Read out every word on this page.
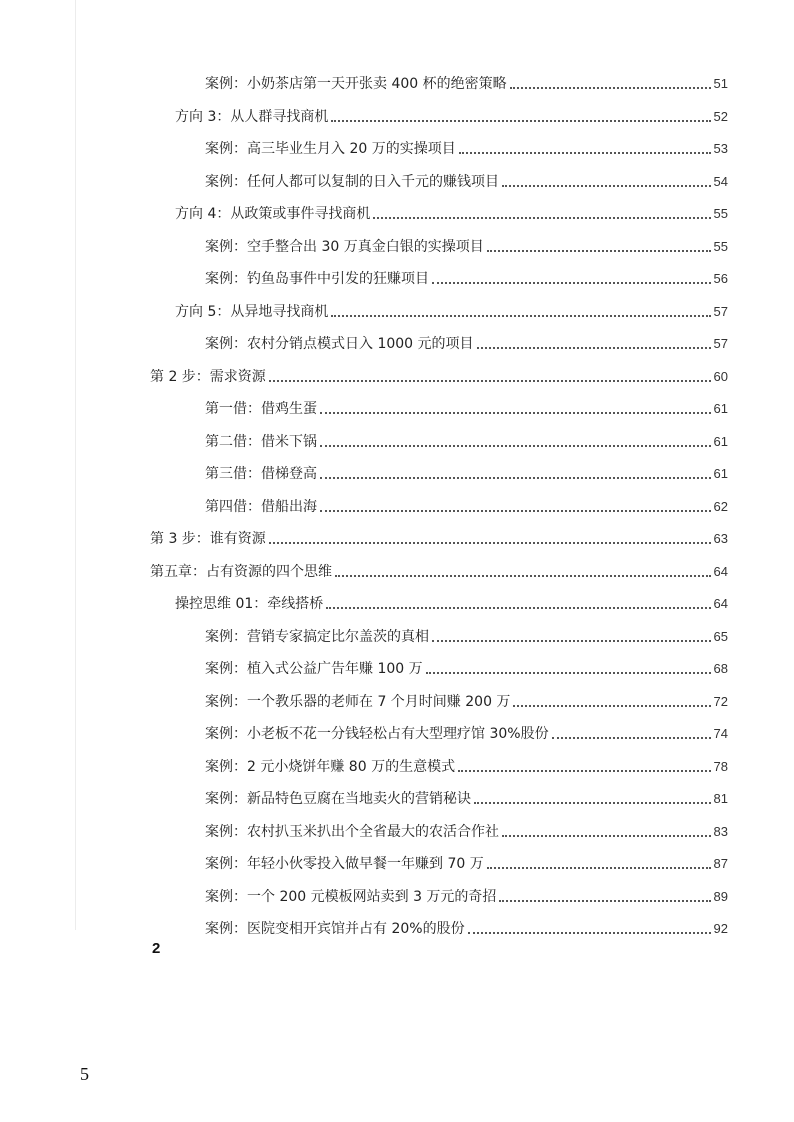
案例：小奶茶店第一天开张卖 400 杯的绝密策略	51
方向 3：从人群寻找商机	52
案例：高三毕业生月入 20 万的实操项目	53
案例：任何人都可以复制的日入千元的赚钱项目	54
方向 4：从政策或事件寻找商机	55
案例：空手整合出 30 万真金白银的实操项目	55
案例：钓鱼岛事件中引发的狂赚项目	56
方向 5：从异地寻找商机	57
案例：农村分销点模式日入 1000 元的项目	57
第 2 步：需求资源	60
第一借：借鸡生蛋	61
第二借：借米下锅	61
第三借：借梯登高	61
第四借：借船出海	62
第 3 步：谁有资源	63
第五章：占有资源的四个思维	64
操控思维 01：牵线搭桥	64
案例：营销专家搞定比尔盖茨的真相	65
案例：植入式公益广告年赚 100 万	68
案例：一个教乐器的老师在 7 个月时间赚 200 万	72
案例：小老板不花一分钱轻松占有大型理疗馆 30%股份	74
案例：2 元小烧饼年赚 80 万的生意模式	78
案例：新品特色豆腐在当地卖火的营销秘诀	81
案例：农村扒玉米扒出个全省最大的农活合作社	83
案例：年轻小伙零投入做早餐一年赚到 70 万	87
案例：一个 200 元模板网站卖到 3 万元的奇招	89
案例：医院变相开宾馆并占有 20%的股份	92
2
5
